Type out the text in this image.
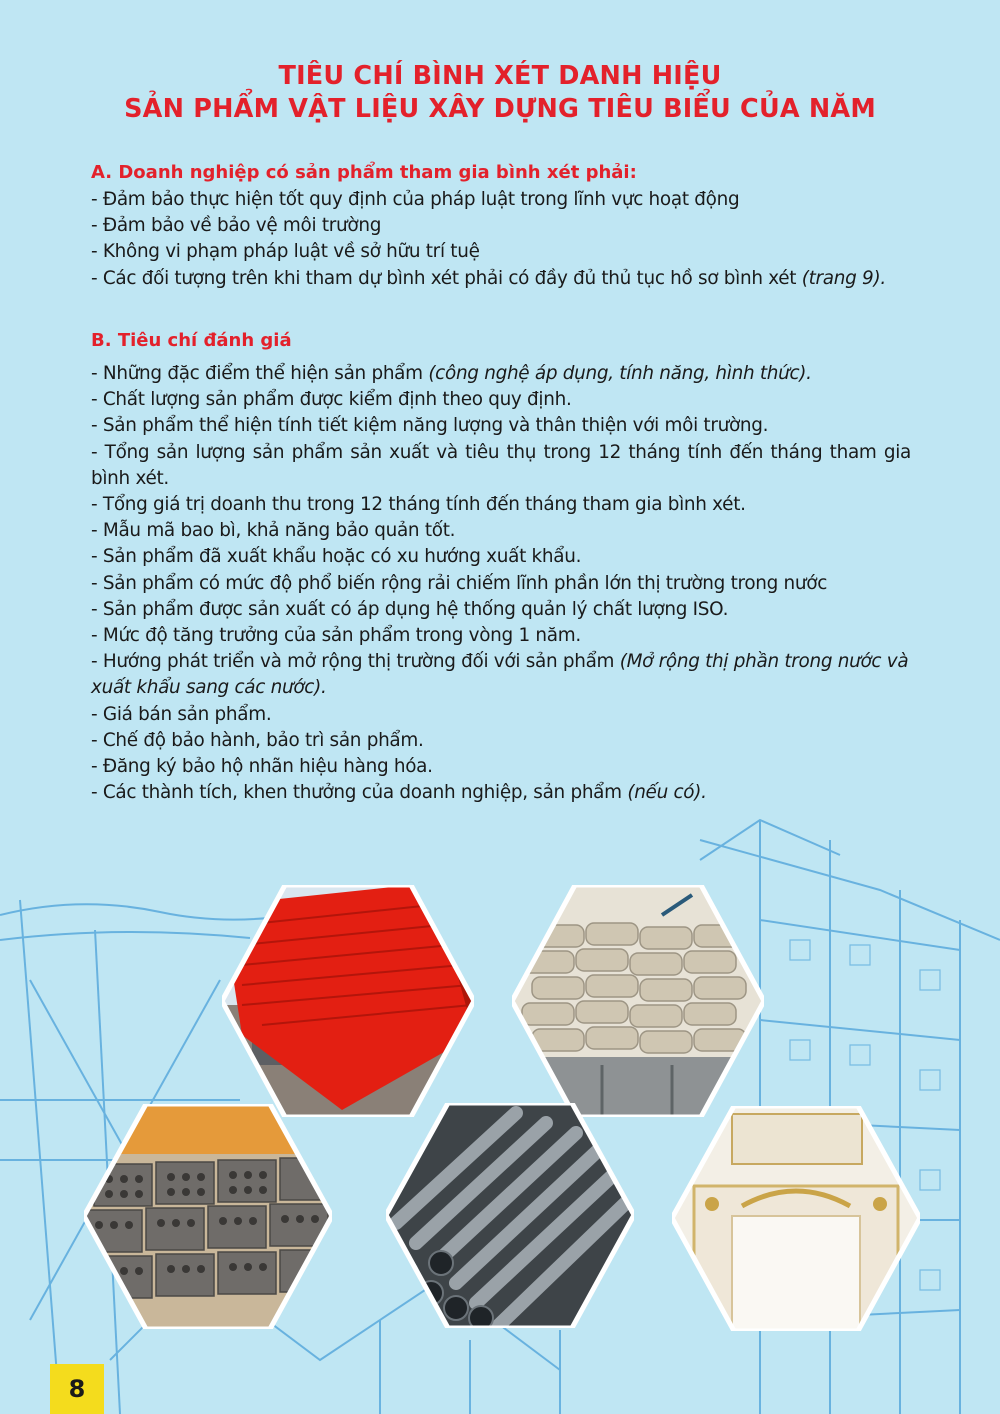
TIÊU CHÍ BÌNH XÉT DANH HIỆU
SẢN PHẨM VẬT LIỆU XÂY DỰNG TIÊU BIỂU CỦA NĂM
A. Doanh nghiệp có sản phẩm tham gia bình xét phải:
- Đảm bảo thực hiện tốt quy định của pháp luật trong lĩnh vực hoạt động
- Đảm bảo về bảo vệ môi trường
- Không vi phạm pháp luật về sở hữu trí tuệ
- Các đối tượng trên khi tham dự bình xét phải có đầy đủ thủ tục hồ sơ bình xét (trang 9).
B. Tiêu chí đánh giá
- Những đặc điểm thể hiện sản phẩm (công nghệ áp dụng, tính năng, hình thức).
- Chất lượng sản phẩm được kiểm định theo quy định.
- Sản phẩm thể hiện tính tiết kiệm năng lượng và thân thiện với môi trường.
- Tổng sản lượng sản phẩm sản xuất và tiêu thụ trong 12 tháng tính đến tháng tham gia bình xét.
- Tổng giá trị doanh thu trong 12 tháng tính đến tháng tham gia bình xét.
- Mẫu mã bao bì, khả năng bảo quản tốt.
- Sản phẩm đã xuất khẩu hoặc có xu hướng xuất khẩu.
- Sản phẩm có mức độ phổ biến rộng rải chiếm lĩnh phần lớn thị trường trong nước
- Sản phẩm được sản xuất có áp dụng hệ thống quản lý chất lượng ISO.
- Mức độ tăng trưởng của sản phẩm trong vòng 1 năm.
- Hướng phát triển và mở rộng thị trường đối với sản phẩm (Mở rộng thị phần trong nước và xuất khẩu sang các nước).
- Giá bán sản phẩm.
- Chế độ bảo hành, bảo trì sản phẩm.
- Đăng ký bảo hộ nhãn hiệu hàng hóa.
- Các thành tích, khen thưởng của doanh nghiệp, sản phẩm (nếu có).
8
